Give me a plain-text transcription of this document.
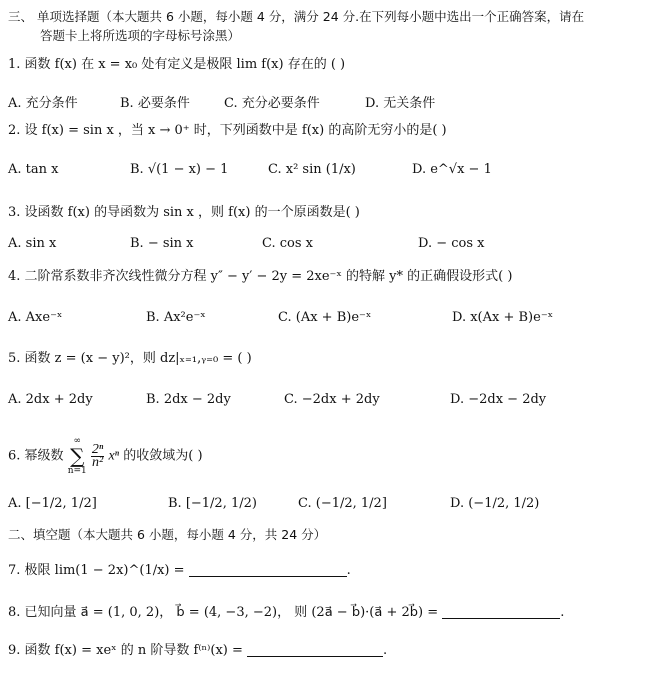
三、 单项选择题（本大题共 6 小题，每小题 4 分，满分 24 分.在下列每小题中选出一个正确答案，请在
答题卡上将所选项的字母标号涂黑）
1. 函数 f(x) 在 x = x₀ 处有定义是极限 lim f(x) 存在的 ( )
A. 充分条件	B. 必要条件	C. 充分必要条件	D. 无关条件
2. 设 f(x) = sin x ，当 x → 0⁺ 时，下列函数中是 f(x) 的高阶无穷小的是( )
A. tan x	B. √(1 − x) − 1	C. x² sin (1/x)	D. e^√x − 1
3. 设函数 f(x) 的导函数为 sin x ，则 f(x) 的一个原函数是( )
A. sin x	B. − sin x	C. cos x	D. − cos x
4. 二阶常系数非齐次线性微分方程 y″ − y′ − 2y = 2xe⁻ˣ 的特解 y* 的正确假设形式( )
A. Axe⁻ˣ	B. Ax²e⁻ˣ	C. (Ax + B)e⁻ˣ	D. x(Ax + B)e⁻ˣ
5. 函数 z = (x − y)²，则 dz|ₓ₌₁,ᵧ₌₀ = ( )
A. 2dx + 2dy	B. 2dx − 2dy	C. −2dx + 2dy	D. −2dx − 2dy
6. 幂级数
∞
∑
n=1

$\frac{\text{2ⁿ}}{\text{n²}}$ xⁿ 的收敛域为( )
A. [−1/2, 1/2]	B. [−1/2, 1/2)	C. (−1/2, 1/2]	D. (−1/2, 1/2)
二、填空题（本大题共 6 小题，每小题 4 分，共 24 分）
7. 极限 lim(1 − 2x)^(1/x) =	.
8. 已知向量 a⃗ = (1, 0, 2)， b⃗ = (4, −3, −2)， 则 (2a⃗ − b⃗)·(a⃗ + 2b⃗) =	.
9. 函数 f(x) = xeˣ 的 n 阶导数 f⁽ⁿ⁾(x) =	.
